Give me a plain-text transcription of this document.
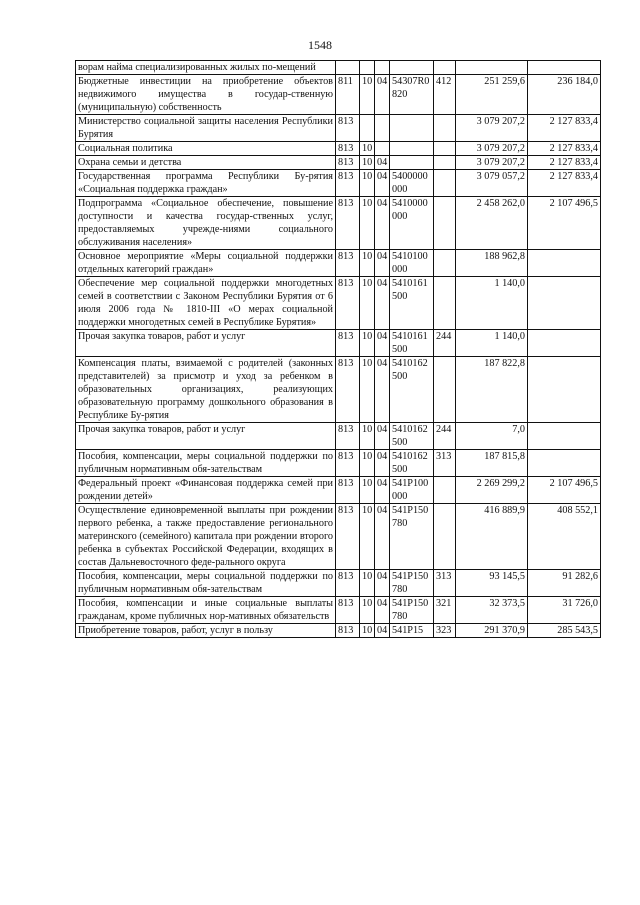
1548
ворам найма специализированных жилых по-мещений							
Бюджетные инвестиции на приобретение объектов недвижимого имущества в государ-ственную (муниципальную) собственность	811	10	04	54307R0820	412	251 259,6	236 184,0
Министерство социальной защиты населения Республики Бурятия	813					3 079 207,2	2 127 833,4
Социальная политика	813	10				3 079 207,2	2 127 833,4
Охрана семьи и детства	813	10	04			3 079 207,2	2 127 833,4
Государственная программа Республики Бу-рятия «Социальная поддержка граждан»	813	10	04	5400000000		3 079 057,2	2 127 833,4
Подпрограмма «Социальное обеспечение, повышение доступности и качества государ-ственных услуг, предоставляемых учрежде-ниями социального обслуживания населения»	813	10	04	5410000000		2 458 262,0	2 107 496,5
Основное мероприятие «Меры социальной поддержки отдельных категорий граждан»	813	10	04	5410100000		188 962,8	
Обеспечение мер социальной поддержки многодетных семей в соответствии с Законом Республики Бурятия от 6 июля 2006 года № 1810-III «О мерах социальной поддержки многодетных семей в Республике Бурятия»	813	10	04	5410161500		1 140,0	
Прочая закупка товаров, работ и услуг	813	10	04	5410161500	244	1 140,0	
Компенсация платы, взимаемой с родителей (законных представителей) за присмотр и уход за ребенком в образовательных организациях, реализующих образовательную программу дошкольного образования в Республике Бу-рятия	813	10	04	5410162500		187 822,8	
Прочая закупка товаров, работ и услуг	813	10	04	5410162500	244	7,0	
Пособия, компенсации, меры социальной поддержки по публичным нормативным обя-зательствам	813	10	04	5410162500	313	187 815,8	
Федеральный проект «Финансовая поддержка семей при рождении детей»	813	10	04	541P100000		2 269 299,2	2 107 496,5
Осуществление единовременной выплаты при рождении первого ребенка, а также предоставление регионального материнского (семейного) капитала при рождении второго ребенка в субъектах Российской Федерации, входящих в состав Дальневосточного феде-рального округа	813	10	04	541P150780		416 889,9	408 552,1
Пособия, компенсации, меры социальной поддержки по публичным нормативным обя-зательствам	813	10	04	541P150780	313	93 145,5	91 282,6
Пособия, компенсации и иные социальные выплаты гражданам, кроме публичных нор-мативных обязательств	813	10	04	541P150780	321	32 373,5	31 726,0
Приобретение товаров, работ, услуг в пользу	813	10	04	541P15	323	291 370,9	285 543,5
